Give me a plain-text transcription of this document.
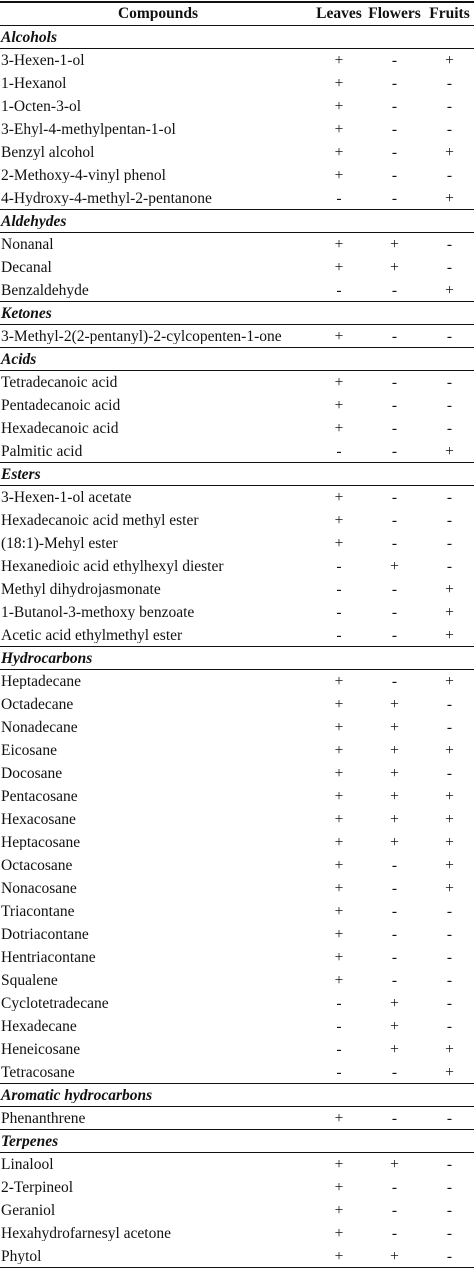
Compounds	Leaves Flowers Fruits
Alcohols
3-Hexen-1-ol	+	-	+
1-Hexanol	+	-	-
1-Octen-3-ol	+	-	-
3-Ehyl-4-methylpentan-1-ol	+	-	-
Benzyl alcohol	+	-	+
2-Methoxy-4-vinyl phenol	+	-	-
4-Hydroxy-4-methyl-2-pentanone	-	-	+
Aldehydes
Nonanal	+	+	-
Decanal	+	+	-
Benzaldehyde	-	-	+
Ketones
3-Methyl-2(2-pentanyl)-2-cylcopenten-1-one	+	-	-
Acids
Tetradecanoic acid	+	-	-
Pentadecanoic acid	+	-	-
Hexadecanoic acid	+	-	-
Palmitic acid	-	-	+
Esters
3-Hexen-1-ol acetate	+	-	-
Hexadecanoic acid methyl ester	+	-	-
(18:1)-Mehyl ester	+	-	-
Hexanedioic acid ethylhexyl diester	-	+	-
Methyl dihydrojasmonate	-	-	+
1-Butanol-3-methoxy benzoate	-	-	+
Acetic acid ethylmethyl ester	-	-	+
Hydrocarbons
Heptadecane	+	-	+
Octadecane	+	+	-
Nonadecane	+	+	-
Eicosane	+	+	+
Docosane	+	+	-
Pentacosane	+	+	+
Hexacosane	+	+	+
Heptacosane	+	+	+
Octacosane	+	-	+
Nonacosane	+	-	+
Triacontane	+	-	-
Dotriacontane	+	-	-
Hentriacontane	+	-	-
Squalene	+	-	-
Cyclotetradecane	-	+	-
Hexadecane	-	+	-
Heneicosane	-	+	+
Tetracosane	-	-	+
Aromatic hydrocarbons
Phenanthrene	+	-	-
Terpenes
Linalool	+	+	-
2-Terpineol	+	-	-
Geraniol	+	-	-
Hexahydrofarnesyl acetone	+	-	-
Phytol	+	+	-
